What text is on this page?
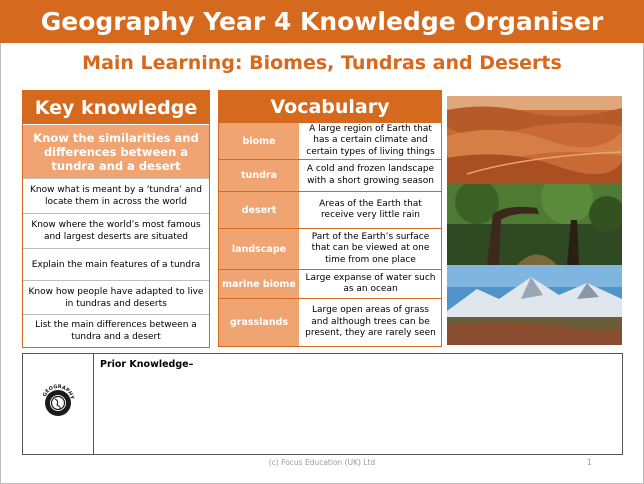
Geography Year 4 Knowledge Organiser
Main Learning: Biomes, Tundras and Deserts
Key knowledge
Know the similarities and differences between a tundra and a desert
Know what is meant by a ‘tundra’ and locate them in across the world
Know where the world’s most famous and largest deserts are situated
Explain the main features of a tundra
Know how people have adapted to live in tundras and deserts
List the main differences between a tundra and a desert
Vocabulary
biome
A large region of Earth that has a certain climate and certain types of living things
tundra
A cold and frozen landscape with a short growing season
desert
Areas of the Earth that receive very little rain
landscape
Part of the Earth’s surface that can be viewed at one time from one place
marine biome
Large expanse of water such as an ocean
grasslands
Large open areas of grass and although trees can be present, they are rarely seen
GEOGRAPHY
Prior Knowledge–
(c) Focus Education (UK) Ltd	1
